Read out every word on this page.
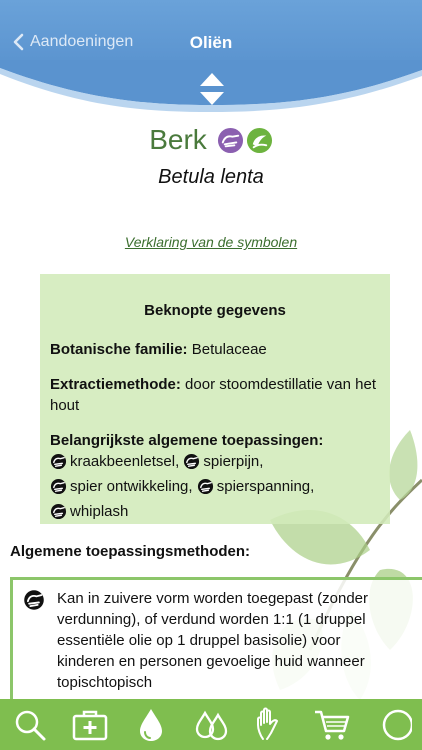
Aandoeningen	Oliën
Berk
Betula lenta
Verklaring van de symbolen
Beknopte gegevens
Botanische familie: Betulaceae
Extractiemethode: door stoomdestillatie van het hout
Belangrijkste algemene toepassingen:

kraakbeenletsel,
spierpijn,

spier ontwikkeling,
spierspanning,

whiplash
Algemene toepassingsmethoden:
Kan in zuivere vorm worden toegepast (zonder verdunning), of verdund worden 1:1 (1 druppel essentiële olie op 1 druppel basisolie) voor kinderen en personen gevoelige huid wanneer topischtopisch
